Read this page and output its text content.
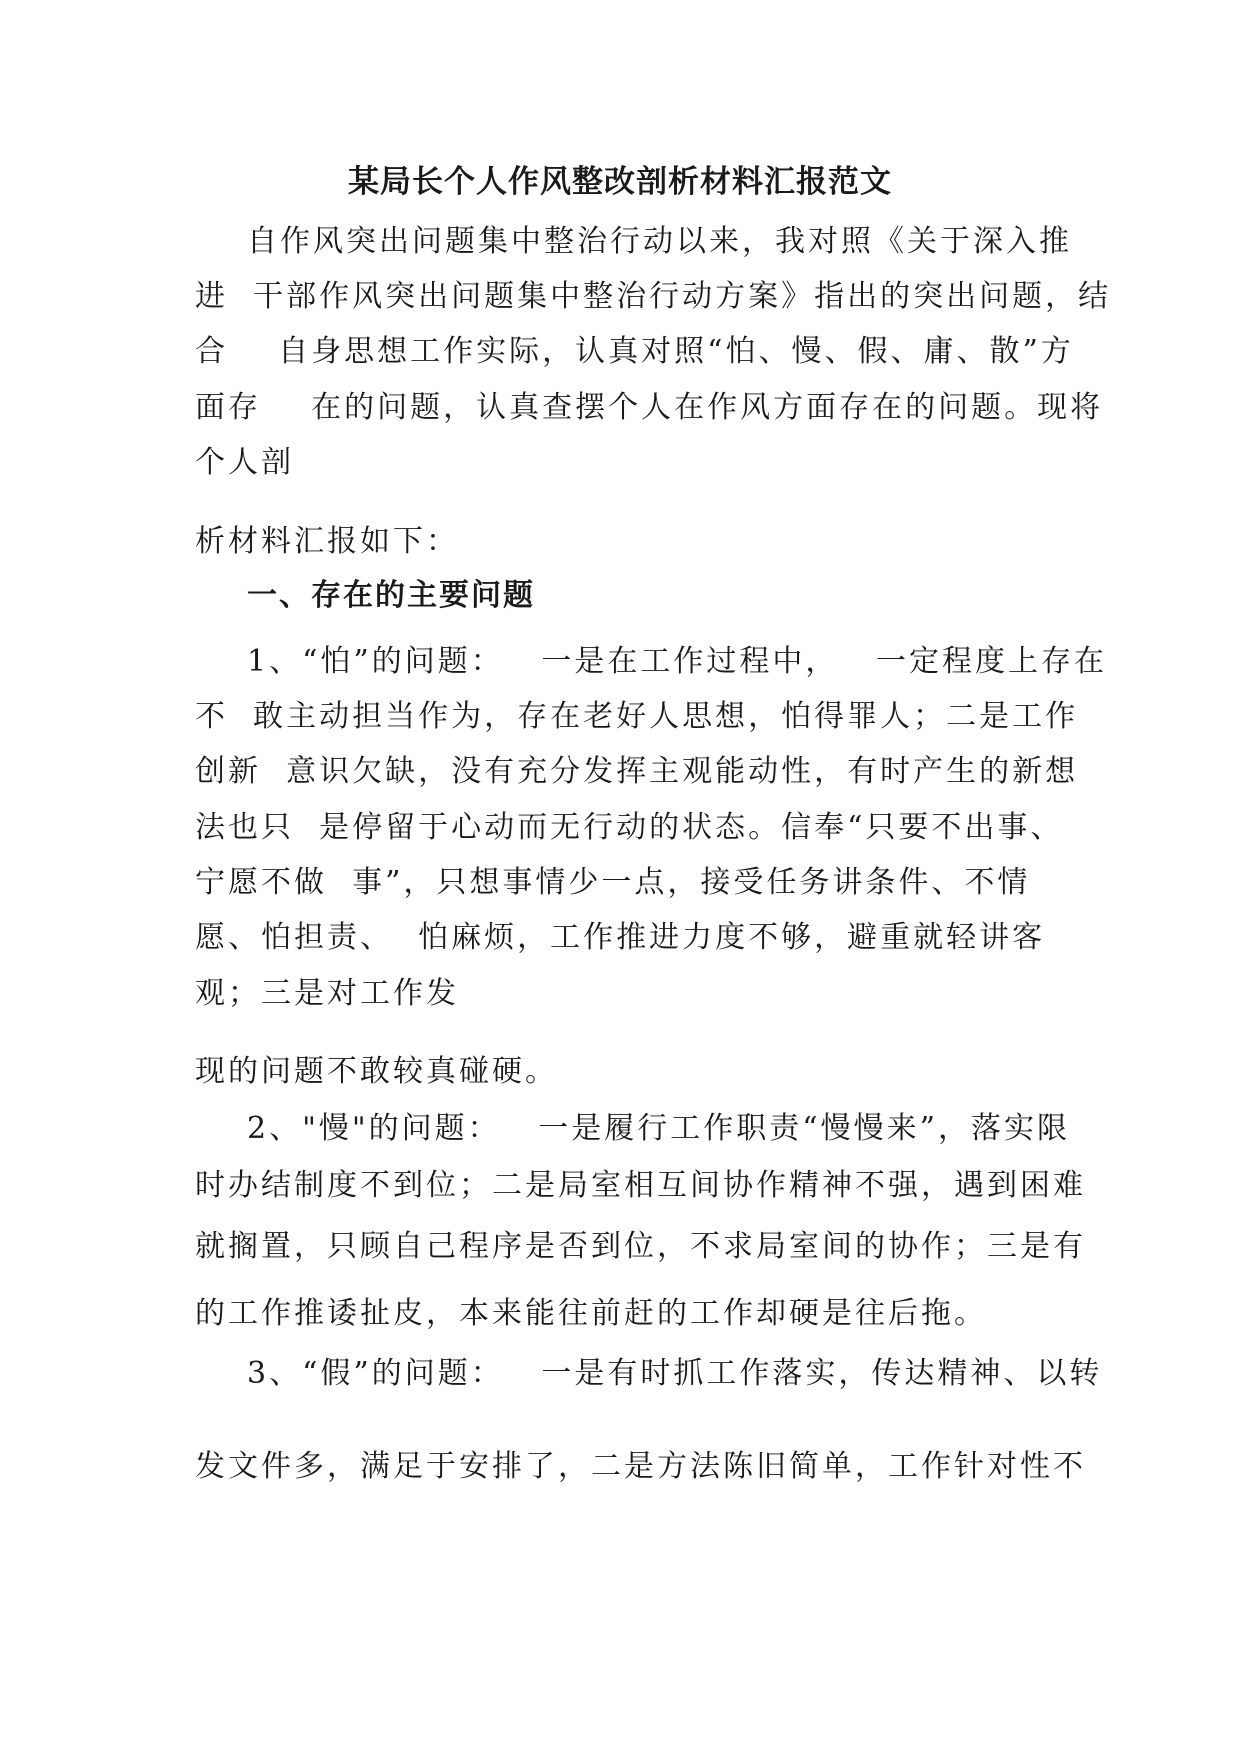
某局长个人作风整改剖析材料汇报范文
自作风突出问题集中整治行动以来，我对照《关于深入推
进  干部作风突出问题集中整治行动方案》指出的突出问题，结
合    自身思想工作实际，认真对照“怕、慢、假、庸、散”方
面存    在的问题，认真查摆个人在作风方面存在的问题。现将
个人剖
析材料汇报如下：
一、存在的主要问题
1、“怕”的问题：   一是在工作过程中，   一定程度上存在
不  敢主动担当作为，存在老好人思想，怕得罪人；二是工作
创新  意识欠缺，没有充分发挥主观能动性，有时产生的新想
法也只  是停留于心动而无行动的状态。信奉“只要不出事、
宁愿不做  事”，只想事情少一点，接受任务讲条件、不情
愿、怕担责、  怕麻烦，工作推进力度不够，避重就轻讲客
观；三是对工作发
现的问题不敢较真碰硬。
2、"慢"的问题：   一是履行工作职责“慢慢来”，落实限
时办结制度不到位；二是局室相互间协作精神不强，遇到困难
就搁置，只顾自己程序是否到位，不求局室间的协作；三是有
的工作推诿扯皮，本来能往前赶的工作却硬是往后拖。
3、“假”的问题：   一是有时抓工作落实，传达精神、以转
发文件多，满足于安排了，二是方法陈旧简单，工作针对性不
